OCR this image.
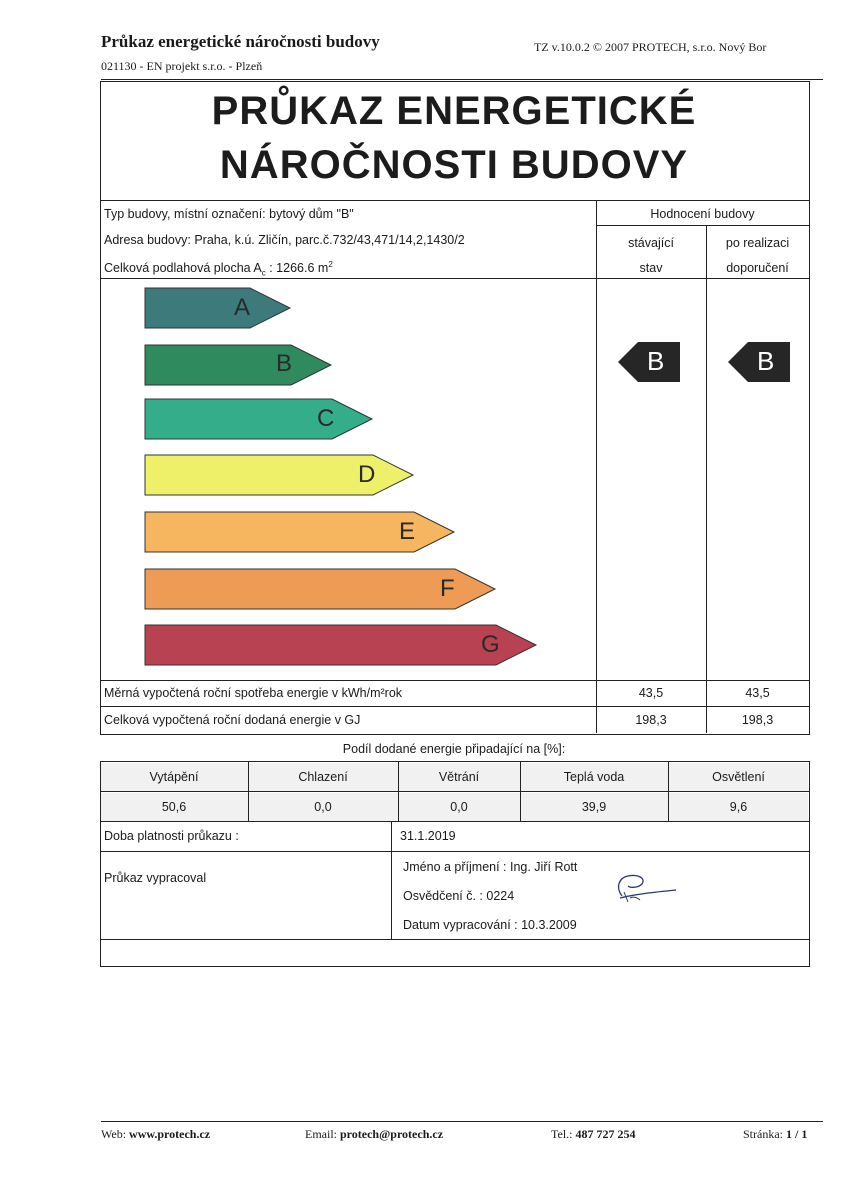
Průkaz energetické náročnosti budovy
021130 - EN projekt s.r.o. - Plzeň
TZ v.10.0.2 © 2007 PROTECH, s.r.o. Nový Bor
PRŮKAZ ENERGETICKÉ
NÁROČNOSTI BUDOVY
Typ budovy, místní označení: bytový dům "B"
Adresa budovy: Praha, k.ú. Zličín, parc.č.732/43,471/14,2,1430/2
Celková podlahová plocha $A_c$ : 1266.6 $m^2$
Hodnocení budovy
stávající
stav
po realizaci
doporučení
A
B
C
D
E
F
G
B	B
Měrná vypočtená roční spotřeba energie v kWh/m²rok	43,5	43,5
Celková vypočtená roční dodaná energie v GJ	198,3	198,3
Podíl dodané energie připadající na [%]:
Vytápění	Chlazení	Větrání	Teplá voda	Osvětlení
50,6	0,0	0,0	39,9	9,6
Doba platnosti průkazu :	31.1.2019
Průkaz vypracoval
Jméno a příjmení : Ing. Jiří Rott
Osvědčení č. : 0224
Datum vypracování : 10.3.2009
Web: www.protech.cz	Email: protech@protech.cz	Tel.: 487 727 254	Stránka: 1 / 1
